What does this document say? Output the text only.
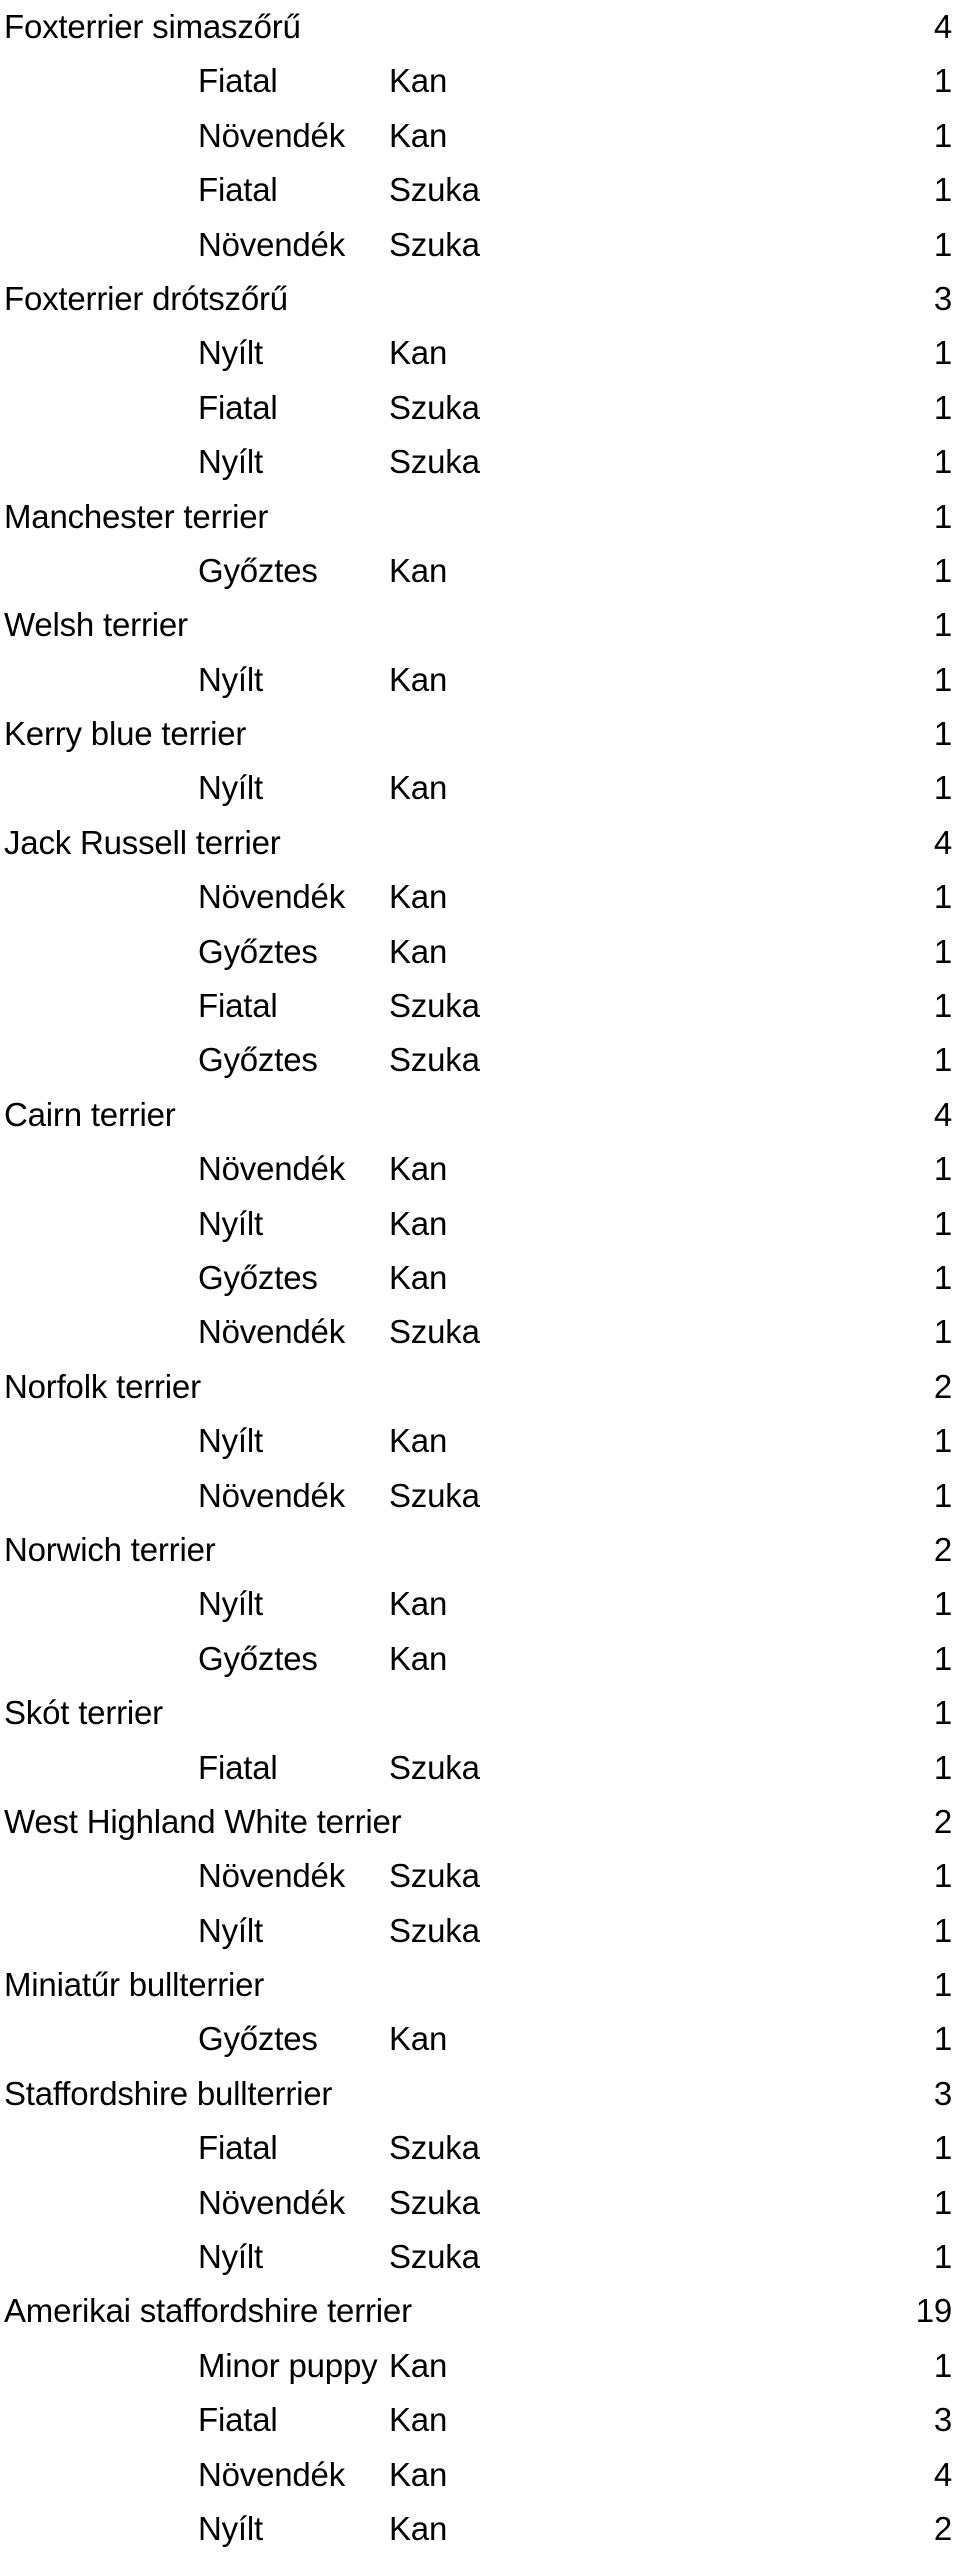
Foxterrier simaszőrű	4
Fiatal	Kan	1
Növendék	Kan	1
Fiatal	Szuka	1
Növendék	Szuka	1
Foxterrier drótszőrű	3
Nyílt	Kan	1
Fiatal	Szuka	1
Nyílt	Szuka	1
Manchester terrier	1
Győztes	Kan	1
Welsh terrier	1
Nyílt	Kan	1
Kerry blue terrier	1
Nyílt	Kan	1
Jack Russell terrier	4
Növendék	Kan	1
Győztes	Kan	1
Fiatal	Szuka	1
Győztes	Szuka	1
Cairn terrier	4
Növendék	Kan	1
Nyílt	Kan	1
Győztes	Kan	1
Növendék	Szuka	1
Norfolk terrier	2
Nyílt	Kan	1
Növendék	Szuka	1
Norwich terrier	2
Nyílt	Kan	1
Győztes	Kan	1
Skót terrier	1
Fiatal	Szuka	1
West Highland White terrier	2
Növendék	Szuka	1
Nyílt	Szuka	1
Miniatűr bullterrier	1
Győztes	Kan	1
Staffordshire bullterrier	3
Fiatal	Szuka	1
Növendék	Szuka	1
Nyílt	Szuka	1
Amerikai staffordshire terrier	19
Minor puppy Kan	1
Fiatal	Kan	3
Növendék	Kan	4
Nyílt	Kan	2
